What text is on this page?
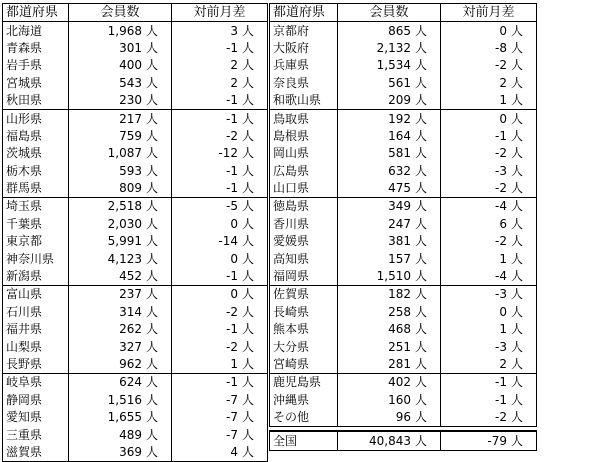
都道府県	会員数	対前月差
北海道	1,968 人	3 人
青森県	301 人	-1 人
岩手県	400 人	2 人
宮城県	543 人	2 人
秋田県	230 人	-1 人
山形県	217 人	-1 人
福島県	759 人	-2 人
茨城県	1,087 人	-12 人
栃木県	593 人	-1 人
群馬県	809 人	-1 人
埼玉県	2,518 人	-5 人
千葉県	2,030 人	0 人
東京都	5,991 人	-14 人
神奈川県	4,123 人	0 人
新潟県	452 人	-1 人
富山県	237 人	0 人
石川県	314 人	-2 人
福井県	262 人	-1 人
山梨県	327 人	-2 人
長野県	962 人	1 人
岐阜県	624 人	-1 人
静岡県	1,516 人	-7 人
愛知県	1,655 人	-7 人
三重県	489 人	-7 人
滋賀県	369 人	4 人
都道府県	会員数	対前月差
京都府	865 人	0 人
大阪府	2,132 人	-8 人
兵庫県	1,534 人	-2 人
奈良県	561 人	2 人
和歌山県	209 人	1 人
鳥取県	192 人	0 人
島根県	164 人	-1 人
岡山県	581 人	-2 人
広島県	632 人	-3 人
山口県	475 人	-2 人
徳島県	349 人	-4 人
香川県	247 人	6 人
愛媛県	381 人	-2 人
高知県	157 人	1 人
福岡県	1,510 人	-4 人
佐賀県	182 人	-3 人
長崎県	258 人	0 人
熊本県	468 人	1 人
大分県	251 人	-3 人
宮崎県	281 人	2 人
鹿児島県	402 人	-1 人
沖縄県	160 人	-1 人
その他	96 人	-2 人

全国	40,843 人	-79 人
